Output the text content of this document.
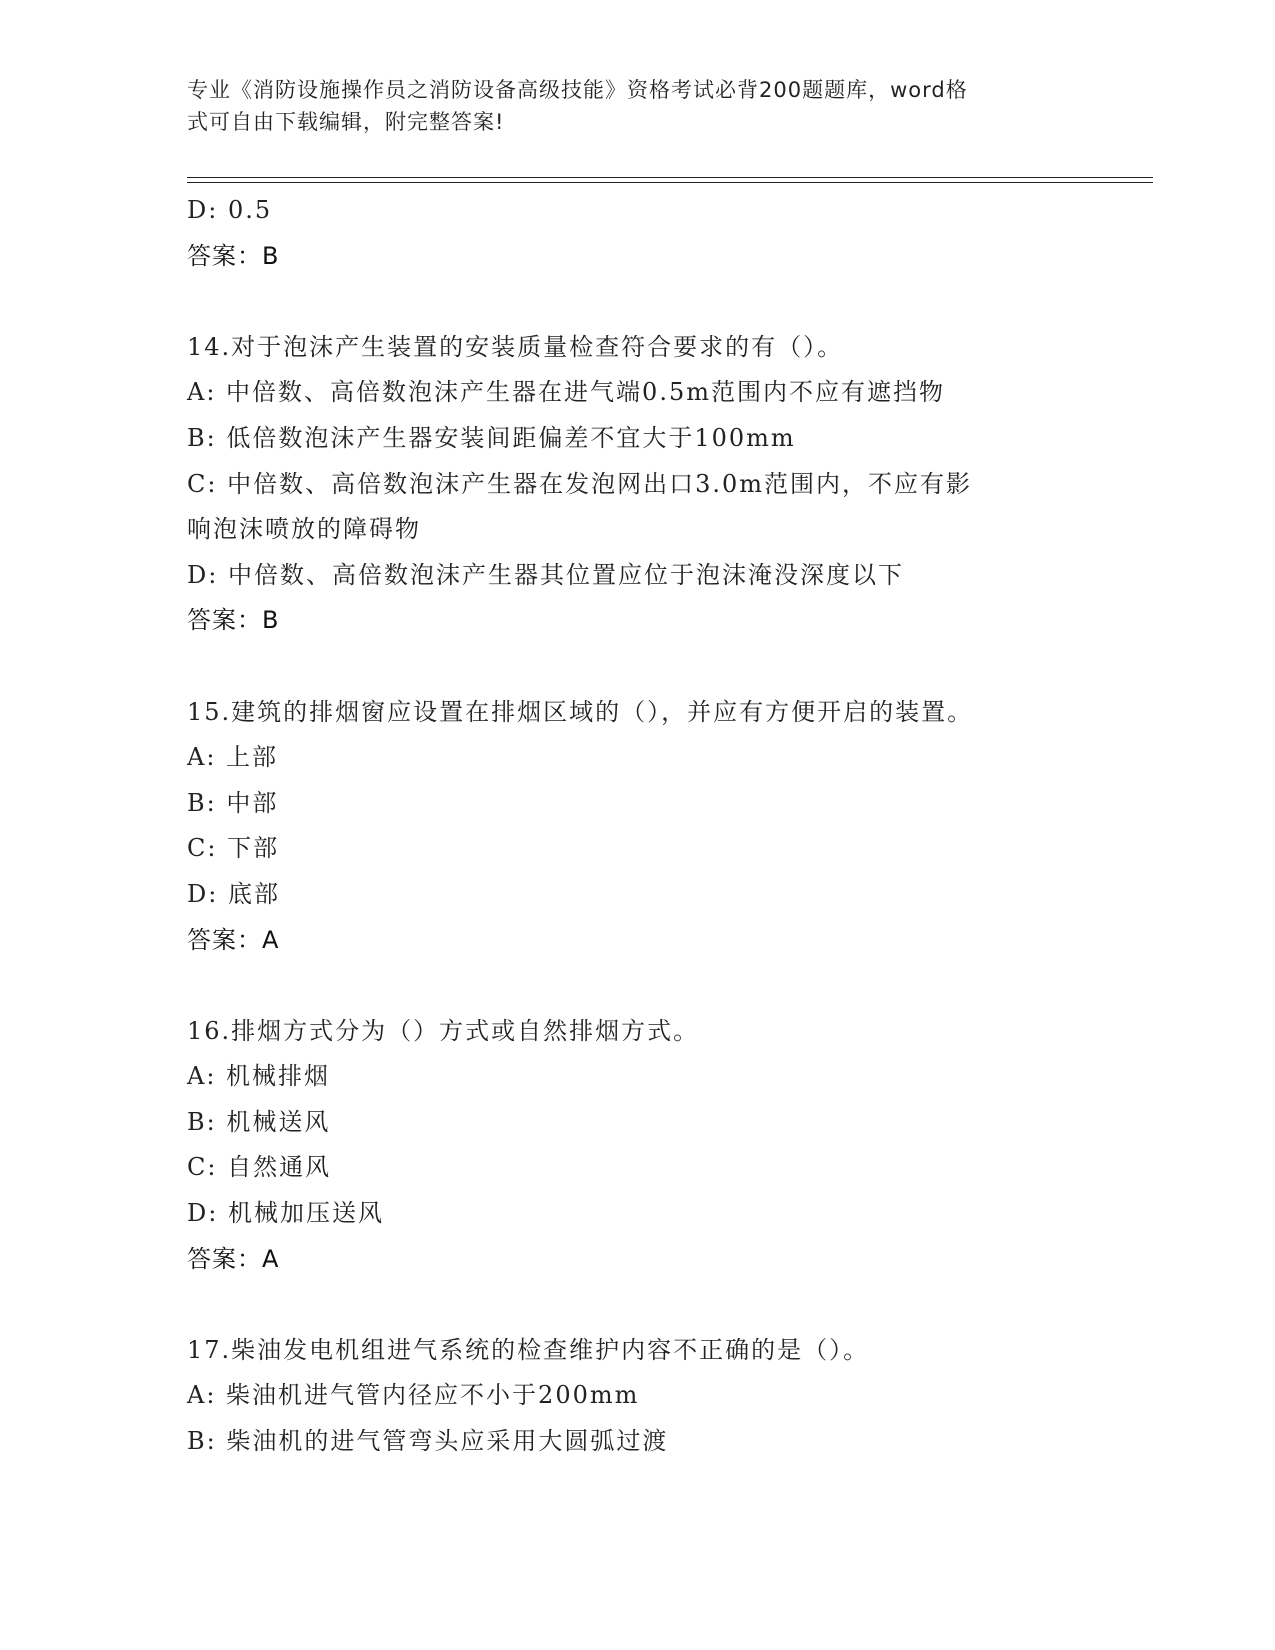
专业《消防设施操作员之消防设备高级技能》资格考试必背200题题库，word格
式可自由下载编辑，附完整答案!
D: 0.5
答案：B
14.对于泡沫产生装置的安装质量检查符合要求的有（）。
A: 中倍数、高倍数泡沫产生器在进气端0.5m范围内不应有遮挡物
B: 低倍数泡沫产生器安装间距偏差不宜大于100mm
C: 中倍数、高倍数泡沫产生器在发泡网出口3.0m范围内，不应有影
响泡沫喷放的障碍物
D: 中倍数、高倍数泡沫产生器其位置应位于泡沫淹没深度以下
答案：B
15.建筑的排烟窗应设置在排烟区域的（），并应有方便开启的装置。
A: 上部
B: 中部
C: 下部
D: 底部
答案：A
16.排烟方式分为（）方式或自然排烟方式。
A: 机械排烟
B: 机械送风
C: 自然通风
D: 机械加压送风
答案：A
17.柴油发电机组进气系统的检查维护内容不正确的是（）。
A: 柴油机进气管内径应不小于200mm
B: 柴油机的进气管弯头应采用大圆弧过渡
